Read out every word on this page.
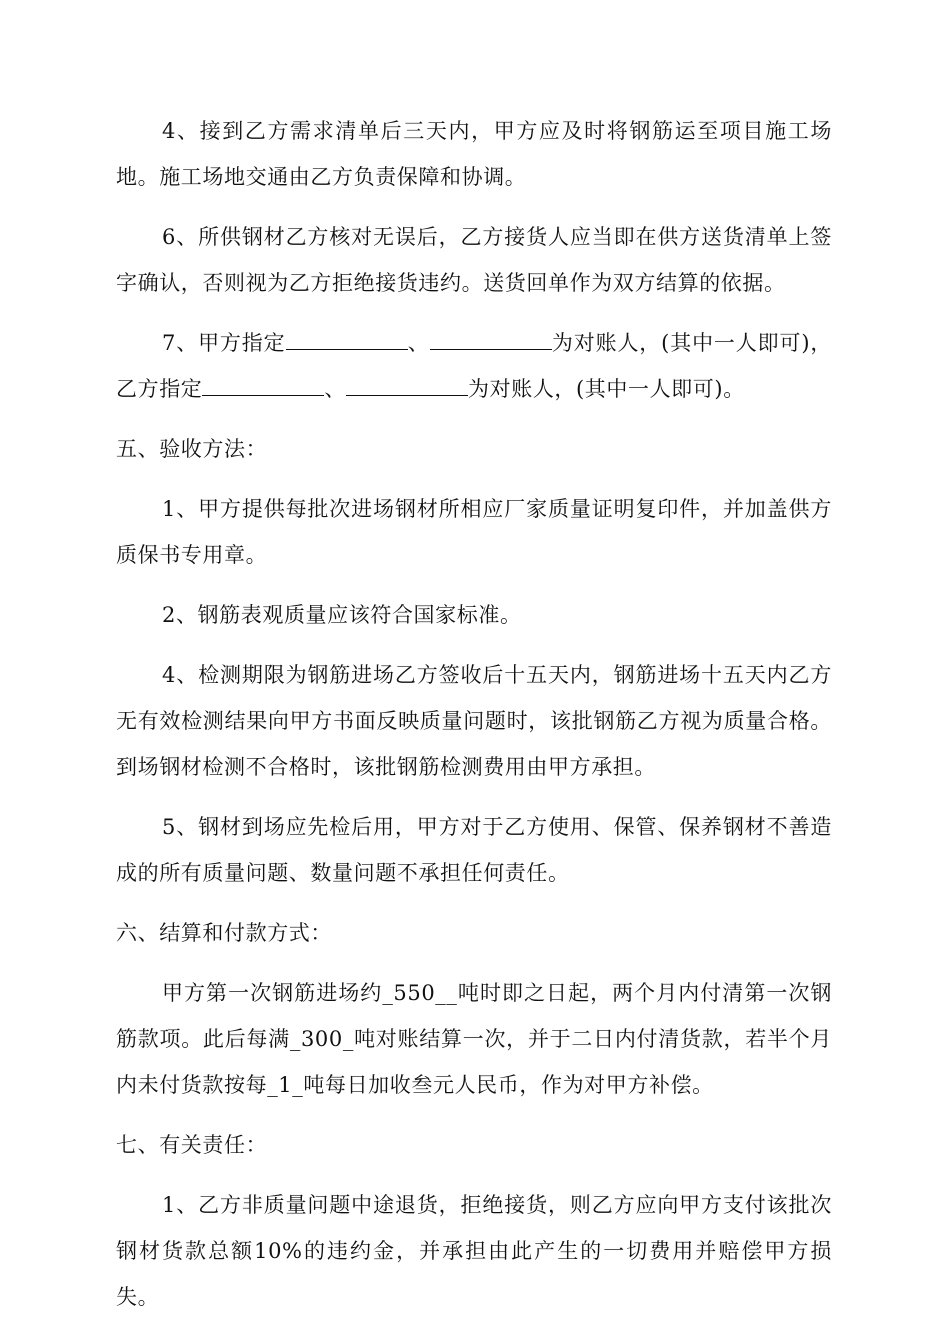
4、接到乙方需求清单后三天内，甲方应及时将钢筋运至项目施工场地。施工场地交通由乙方负责保障和协调。

6、所供钢材乙方核对无误后，乙方接货人应当即在供方送货清单上签字确认，否则视为乙方拒绝接货违约。送货回单作为双方结算的依据。

7、甲方指定	、	为对账人，(其中一人即可)，乙方指定	、	为对账人，(其中一人即可)。

五、验收方法：

1、甲方提供每批次进场钢材所相应厂家质量证明复印件，并加盖供方质保书专用章。

2、钢筋表观质量应该符合国家标准。

4、检测期限为钢筋进场乙方签收后十五天内，钢筋进场十五天内乙方无有效检测结果向甲方书面反映质量问题时，该批钢筋乙方视为质量合格。到场钢材检测不合格时，该批钢筋检测费用由甲方承担。

5、钢材到场应先检后用，甲方对于乙方使用、保管、保养钢材不善造成的所有质量问题、数量问题不承担任何责任。

六、结算和付款方式：

甲方第一次钢筋进场约_550__吨时即之日起，两个月内付清第一次钢筋款项。此后每满_300_吨对账结算一次，并于二日内付清货款，若半个月内未付货款按每_1_吨每日加收叁元人民币，作为对甲方补偿。

七、有关责任：

1、乙方非质量问题中途退货，拒绝接货，则乙方应向甲方支付该批次钢材货款总额10%的违约金，并承担由此产生的一切费用并赔偿甲方损失。
